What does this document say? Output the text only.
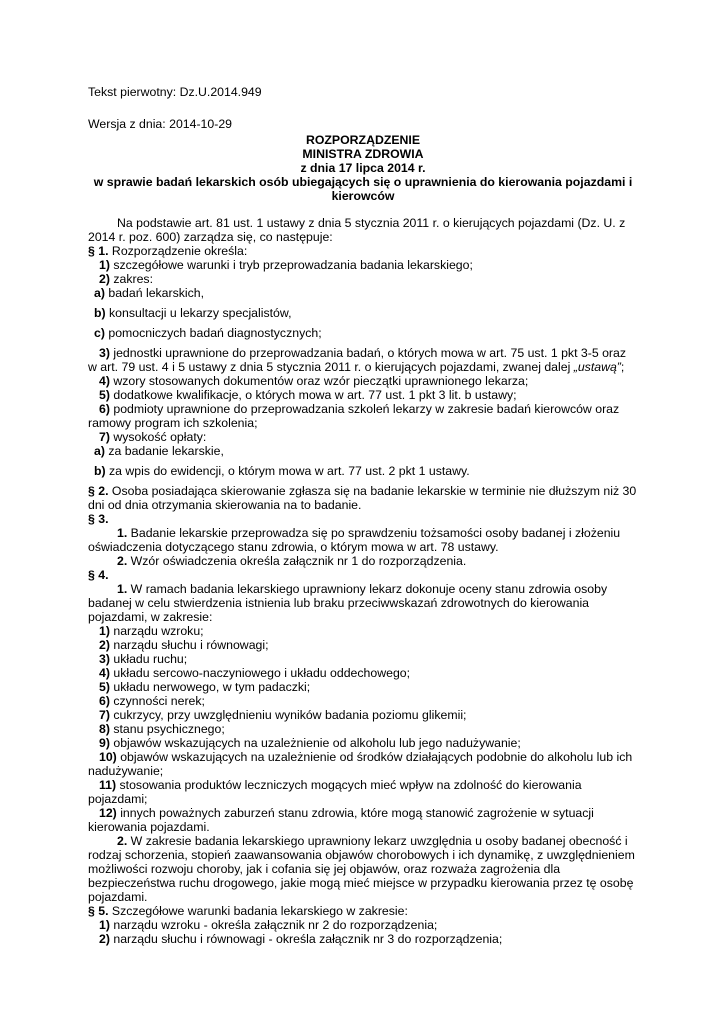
Tekst pierwotny: Dz.U.2014.949

Wersja z dnia: 2014-10-29

ROZPORZĄDZENIE
MINISTRA ZDROWIA
z dnia 17 lipca 2014 r.
w sprawie badań lekarskich osób ubiegających się o uprawnienia do kierowania pojazdami i kierowców

Na podstawie art. 81 ust. 1 ustawy z dnia 5 stycznia 2011 r. o kierujących pojazdami (Dz. U. z 2014 r. poz. 600) zarządza się, co następuje:

§ 1. Rozporządzenie określa:

1) szczegółowe warunki i tryb przeprowadzania badania lekarskiego;

2) zakres:

a) badań lekarskich,

b) konsultacji u lekarzy specjalistów,

c) pomocniczych badań diagnostycznych;

3) jednostki uprawnione do przeprowadzania badań, o których mowa w art. 75 ust. 1 pkt 3-5 oraz w art. 79 ust. 4 i 5 ustawy z dnia 5 stycznia 2011 r. o kierujących pojazdami, zwanej dalej „ustawą”;

4) wzory stosowanych dokumentów oraz wzór pieczątki uprawnionego lekarza;

5) dodatkowe kwalifikacje, o których mowa w art. 77 ust. 1 pkt 3 lit. b ustawy;

6) podmioty uprawnione do przeprowadzania szkoleń lekarzy w zakresie badań kierowców oraz ramowy program ich szkolenia;

7) wysokość opłaty:

a) za badanie lekarskie,

b) za wpis do ewidencji, o którym mowa w art. 77 ust. 2 pkt 1 ustawy.

§ 2. Osoba posiadająca skierowanie zgłasza się na badanie lekarskie w terminie nie dłuższym niż 30 dni od dnia otrzymania skierowania na to badanie.

§ 3.

1. Badanie lekarskie przeprowadza się po sprawdzeniu tożsamości osoby badanej i złożeniu oświadczenia dotyczącego stanu zdrowia, o którym mowa w art. 78 ustawy.

2. Wzór oświadczenia określa załącznik nr 1 do rozporządzenia.

§ 4.

1. W ramach badania lekarskiego uprawniony lekarz dokonuje oceny stanu zdrowia osoby badanej w celu stwierdzenia istnienia lub braku przeciwwskazań zdrowotnych do kierowania pojazdami, w zakresie:

1) narządu wzroku;

2) narządu słuchu i równowagi;

3) układu ruchu;

4) układu sercowo-naczyniowego i układu oddechowego;

5) układu nerwowego, w tym padaczki;

6) czynności nerek;

7) cukrzycy, przy uwzględnieniu wyników badania poziomu glikemii;

8) stanu psychicznego;

9) objawów wskazujących na uzależnienie od alkoholu lub jego nadużywanie;

10) objawów wskazujących na uzależnienie od środków działających podobnie do alkoholu lub ich nadużywanie;

11) stosowania produktów leczniczych mogących mieć wpływ na zdolność do kierowania pojazdami;

12) innych poważnych zaburzeń stanu zdrowia, które mogą stanowić zagrożenie w sytuacji kierowania pojazdami.

2. W zakresie badania lekarskiego uprawniony lekarz uwzględnia u osoby badanej obecność i rodzaj schorzenia, stopień zaawansowania objawów chorobowych i ich dynamikę, z uwzględnieniem możliwości rozwoju choroby, jak i cofania się jej objawów, oraz rozważa zagrożenia dla bezpieczeństwa ruchu drogowego, jakie mogą mieć miejsce w przypadku kierowania przez tę osobę pojazdami.

§ 5. Szczegółowe warunki badania lekarskiego w zakresie:

1) narządu wzroku - określa załącznik nr 2 do rozporządzenia;

2) narządu słuchu i równowagi - określa załącznik nr 3 do rozporządzenia;
